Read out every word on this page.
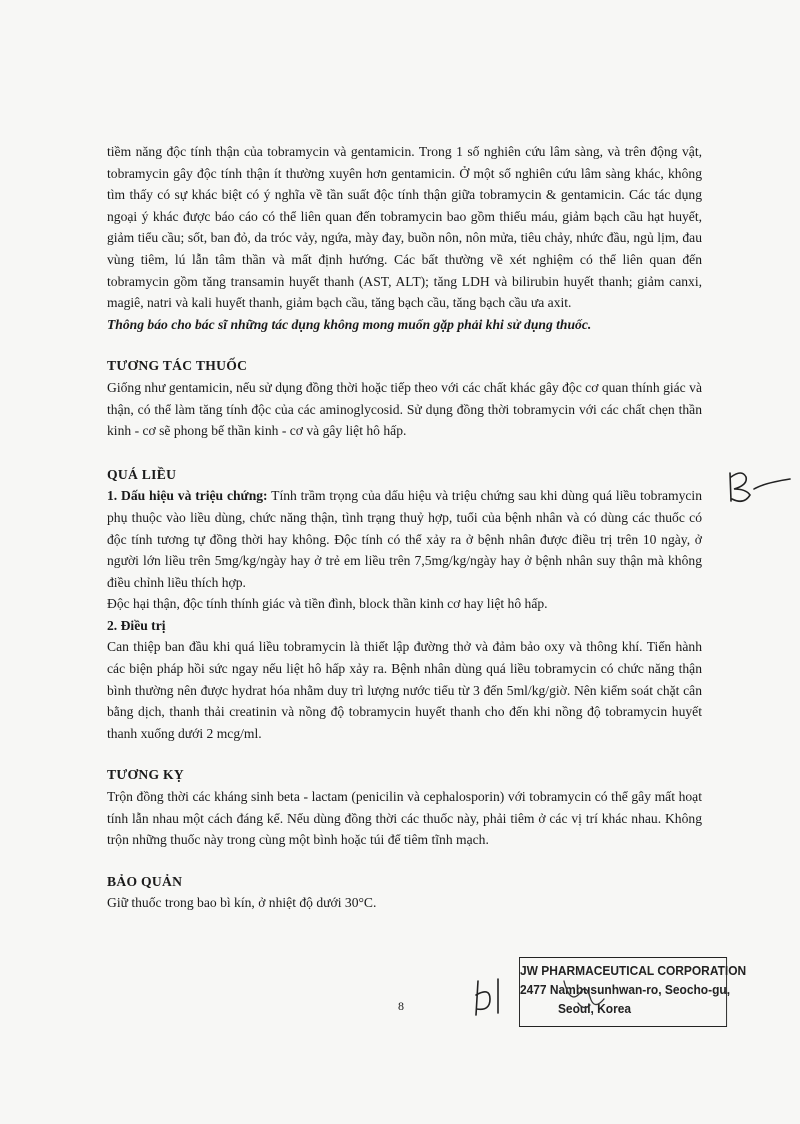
tiềm năng độc tính thận của tobramycin và gentamicin. Trong 1 số nghiên cứu lâm sàng, và trên động vật, tobramycin gây độc tính thận ít thường xuyên hơn gentamicin. Ở một số nghiên cứu lâm sàng khác, không tìm thấy có sự khác biệt có ý nghĩa về tần suất độc tính thận giữa tobramycin & gentamicin. Các tác dụng ngoại ý khác được báo cáo có thể liên quan đến tobramycin bao gồm thiếu máu, giảm bạch cầu hạt huyết, giảm tiểu cầu; sốt, ban đỏ, da tróc vảy, ngứa, mày đay, buồn nôn, nôn mửa, tiêu chảy, nhức đầu, ngủ lịm, đau vùng tiêm, lú lẫn tâm thần và mất định hướng. Các bất thường về xét nghiệm có thể liên quan đến tobramycin gồm tăng transamin huyết thanh (AST, ALT); tăng LDH và bilirubin huyết thanh; giảm canxi, magiê, natri và kali huyết thanh, giảm bạch cầu, tăng bạch cầu, tăng bạch cầu ưa axit.

Thông báo cho bác sĩ những tác dụng không mong muốn gặp phải khi sử dụng thuốc.

TƯƠNG TÁC THUỐC

Giống như gentamicin, nếu sử dụng đồng thời hoặc tiếp theo với các chất khác gây độc cơ quan thính giác và thận, có thể làm tăng tính độc của các aminoglycosid. Sử dụng đồng thời tobramycin với các chất chẹn thần kinh - cơ sẽ phong bế thần kinh - cơ và gây liệt hô hấp.

QUÁ LIỀU

1. Dấu hiệu và triệu chứng: Tính trầm trọng của dấu hiệu và triệu chứng sau khi dùng quá liều tobramycin phụ thuộc vào liều dùng, chức năng thận, tình trạng thuỷ hợp, tuổi của bệnh nhân và có dùng các thuốc có độc tính tương tự đồng thời hay không. Độc tính có thể xảy ra ở bệnh nhân được điều trị trên 10 ngày, ở người lớn liều trên 5mg/kg/ngày hay ở trẻ em liều trên 7,5mg/kg/ngày hay ở bệnh nhân suy thận mà không điều chỉnh liều thích hợp.

Độc hại thận, độc tính thính giác và tiền đình, block thần kinh cơ hay liệt hô hấp.

2. Điều trị

Can thiệp ban đầu khi quá liều tobramycin là thiết lập đường thở và đảm bảo oxy và thông khí. Tiến hành các biện pháp hồi sức ngay nếu liệt hô hấp xảy ra. Bệnh nhân dùng quá liều tobramycin có chức năng thận bình thường nên được hydrat hóa nhằm duy trì lượng nước tiểu từ 3 đến 5ml/kg/giờ. Nên kiểm soát chặt cân bằng dịch, thanh thải creatinin và nồng độ tobramycin huyết thanh cho đến khi nồng độ tobramycin huyết thanh xuống dưới 2 mcg/ml.

TƯƠNG KỴ

Trộn đồng thời các kháng sinh beta - lactam (penicilin và cephalosporin) với tobramycin có thể gây mất hoạt tính lẫn nhau một cách đáng kể. Nếu dùng đồng thời các thuốc này, phải tiêm ở các vị trí khác nhau. Không trộn những thuốc này trong cùng một bình hoặc túi để tiêm tĩnh mạch.

BẢO QUẢN

Giữ thuốc trong bao bì kín, ở nhiệt độ dưới 30°C.

8
JW PHARMACEUTICAL CORPORATION
2477 Nambusunhwan-ro, Seocho-gu,
Seoul, Korea
